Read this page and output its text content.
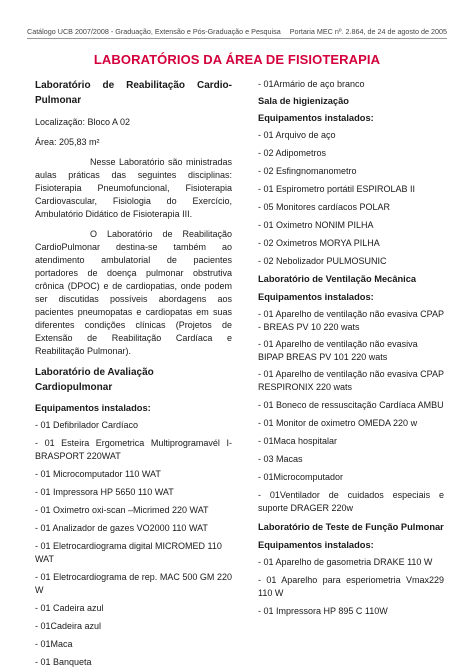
Catálogo UCB 2007/2008 - Graduação, Extensão e Pós-Graduação e Pesquisa Portaria MEC nº. 2.864, de 24 de agosto de 2005
LABORATÓRIOS DA ÁREA DE FISIOTERAPIA

Laboratório de Reabilitação Cardio-Pulmonar

Localização: Bloco A 02

Área: 205,83 m²

Nesse Laboratório são ministradas aulas práticas das seguintes disciplinas: Fisioterapia Pneumofuncional, Fisioterapia Cardiovascular, Fisiologia do Exercício, Ambulatório Didático de Fisioterapia III.

O Laboratório de Reabilitação CardioPulmonar destina-se também ao atendimento ambulatorial de pacientes portadores de doença pulmonar obstrutiva crônica (DPOC) e de cardiopatias, onde podem ser discutidas possíveis abordagens aos pacientes pneumopatas e cardiopatas em suas diferentes condições clínicas (Projetos de Extensão de Reabilitação Cardíaca e Reabilitação Pulmonar).

Laboratório de Avaliação Cardiopulmonar

Equipamentos instalados:

- 01 Defibrilador Cardíaco

- 01 Esteira Ergometrica Multiprogramavél I-BRASPORT 220WAT

- 01 Microcomputador 110 WAT

- 01 Impressora HP 5650 110 WAT

- 01 Oximetro oxi-scan –Micrimed 220 WAT

- 01 Analizador de gazes VO2000 110 WAT

- 01 Eletrocardiograma digital MICROMED 110 WAT

- 01 Eletrocardiograma de rep. MAC 500 GM 220 W

- 01 Cadeira azul

- 01Cadeira azul

- 01Maca

- 01 Banqueta

- 01Armário de aço branco

Sala de higienização

Equipamentos instalados:

- 01 Arquivo de aço

- 02 Adipometros

- 02 Esfingnomanometro

- 01 Espirometro portátil ESPIROLAB II

- 05 Monitores cardíacos POLAR

- 01 Oximetro NONIM PILHA

- 02 Oximetros MORYA PILHA

- 02 Nebolizador PULMOSUNIC

Laboratório de Ventilação Mecânica

Equipamentos instalados:

- 01 Aparelho de ventilação não evasiva CPAP - BREAS PV 10 220 wats

- 01 Aparelho de ventilação não evasiva BIPAP BREAS PV 101 220 wats

- 01 Aparelho de ventilação não evasiva CPAP RESPIRONIX 220 wats

- 01 Boneco de ressuscitação Cardíaca AMBU

- 01 Monitor de oximetro OMEDA 220 w

- 01Maca hospitalar

- 03 Macas

- 01Microcomputador

- 01Ventilador de cuidados especiais e suporte DRAGER 220w

Laboratório de Teste de Função Pulmonar

Equipamentos instalados:

- 01 Aparelho de gasometria DRAKE 110 W

- 01 Aparelho para esperiometria Vmax229 110 W

- 01 Impressora HP 895 C 110W
